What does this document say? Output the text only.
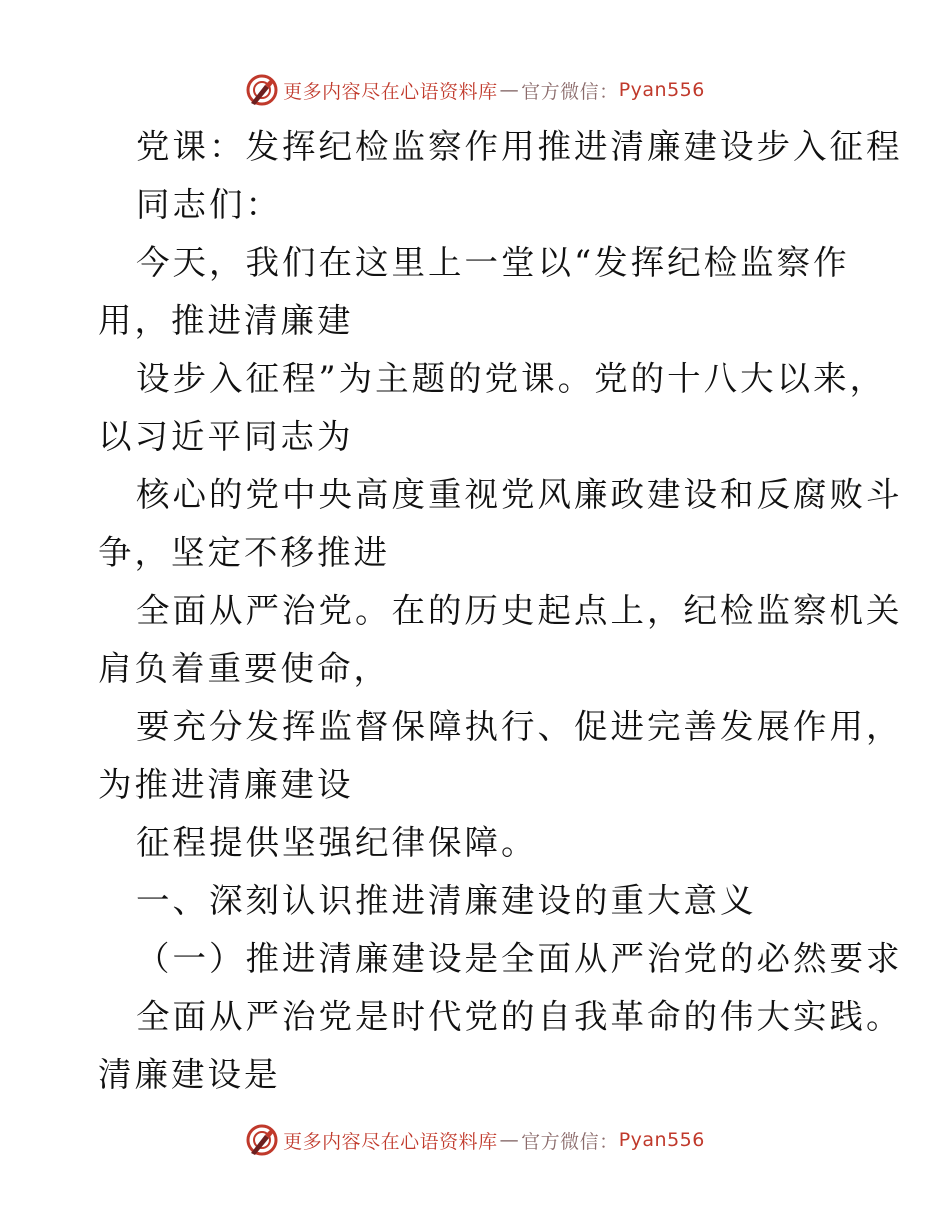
更多内容尽在心语资料库 — 官方微信： Pyan556
党课：发挥纪检监察作用推进清廉建设步入征程
同志们：
今天，我们在这里上一堂以“发挥纪检监察作
用，推进清廉建
设步入征程”为主题的党课。党的十八大以来，
以习近平同志为
核心的党中央高度重视党风廉政建设和反腐败斗
争，坚定不移推进
全面从严治党。在的历史起点上，纪检监察机关
肩负着重要使命，
要充分发挥监督保障执行、促进完善发展作用，
为推进清廉建设
征程提供坚强纪律保障。
一、深刻认识推进清廉建设的重大意义
（一）推进清廉建设是全面从严治党的必然要求
全面从严治党是时代党的自我革命的伟大实践。
清廉建设是
更多内容尽在心语资料库 — 官方微信： Pyan556
